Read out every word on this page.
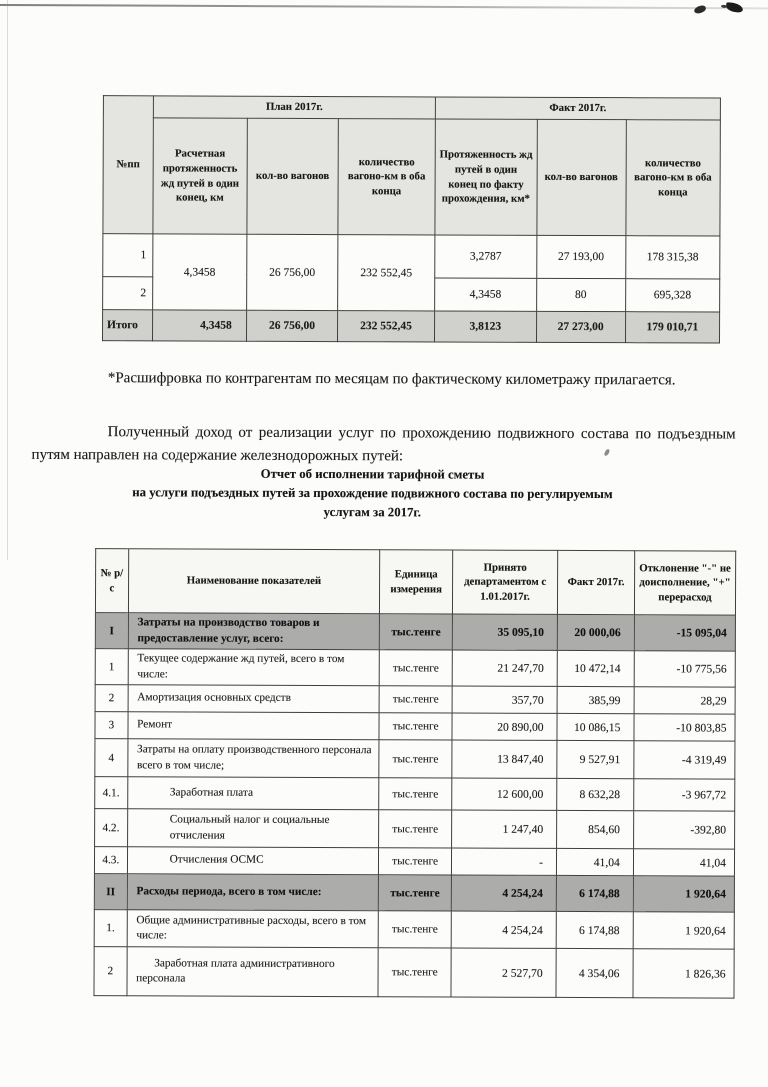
№пп	План 2017г.			Факт 2017г.		
	Расчетная протяженность жд путей в один конец, км	кол-во вагонов	количество вагоно-км в оба конца	Протяженность жд путей в один конец по факту прохождения, км*	кол-во вагонов	количество вагоно-км в оба конца
1	4,3458	26 756,00	232 552,45	3,2787	27 193,00	178 315,38
2				4,3458	80	695,328
Итого	4,3458	26 756,00	232 552,45	3,8123	27 273,00	179 010,71

*Расшифровка по контрагентам по месяцам по фактическому километражу прилагается.

Полученный доход от реализации услуг по прохождению подвижного состава по подъездным путям направлен на содержание железнодорожных путей:

Отчет об исполнении тарифной сметы
на услуги подъездных путей за прохождение подвижного состава по регулируемым
услугам за 2017г.
№ р/с	Наименование показателей	Единица измерения	Принято департаментом с 1.01.2017г.	Факт 2017г.	Отклонение "-" не доисполнение, "+" перерасход
I	Затраты на производство товаров и предоставление услуг, всего:	тыс.тенге	35 095,10	20 000,06	-15 095,04
1	Текущее содержание жд путей, всего в том числе:	тыс.тенге	21 247,70	10 472,14	-10 775,56
2	Амортизация основных средств	тыс.тенге	357,70	385,99	28,29
3	Ремонт	тыс.тенге	20 890,00	10 086,15	-10 803,85
4	Затраты на оплату производственного персонала всего в том числе;	тыс.тенге	13 847,40	9 527,91	-4 319,49
4.1.	Заработная плата	тыс.тенге	12 600,00	8 632,28	-3 967,72
4.2.	Социальный налог и социальные отчисления	тыс.тенге	1 247,40	854,60	-392,80
4.3.	Отчисления ОСМС	тыс.тенге	-	41,04	41,04
II	Расходы периода, всего в том числе:	тыс.тенге	4 254,24	6 174,88	1 920,64
1.	Общие административные расходы, всего в том числе:	тыс.тенге	4 254,24	6 174,88	1 920,64
2	Заработная плата административного персонала	тыс.тенге	2 527,70	4 354,06	1 826,36
